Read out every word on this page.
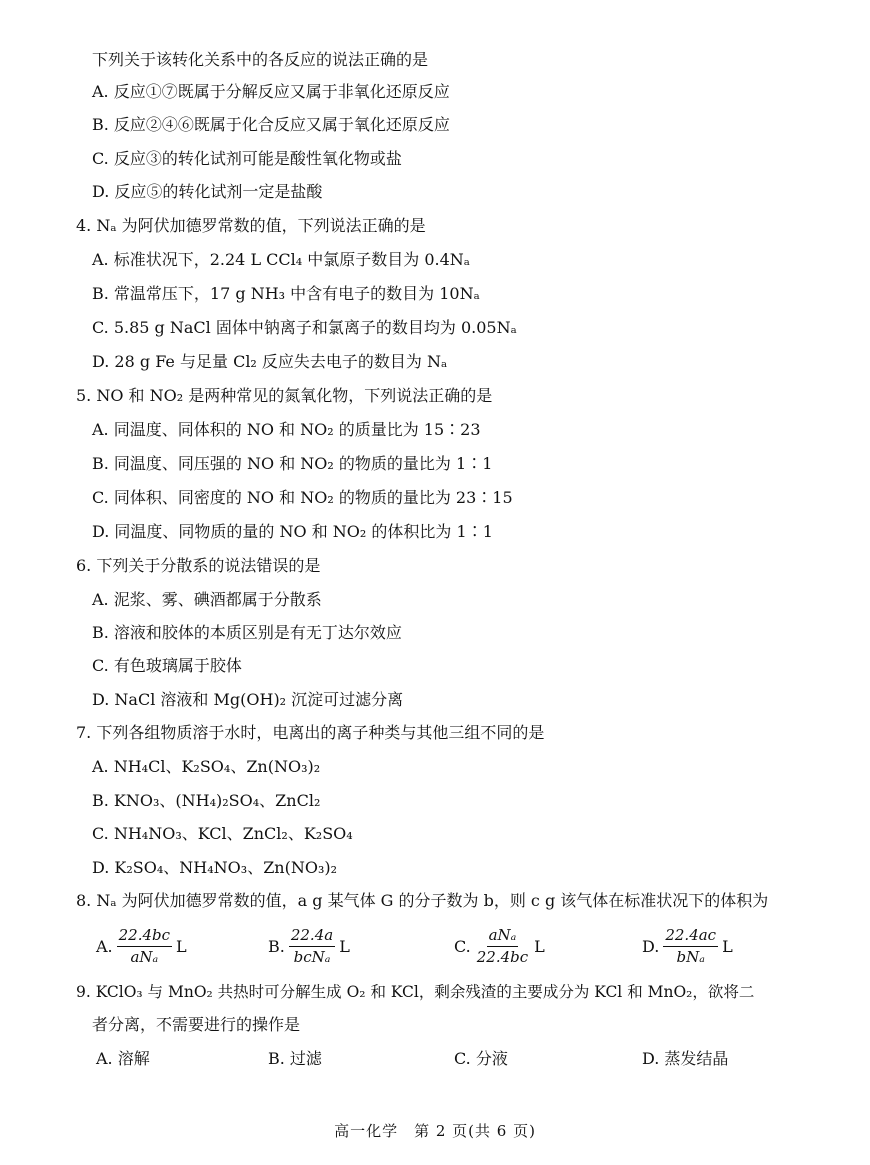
下列关于该转化关系中的各反应的说法正确的是
A. 反应①⑦既属于分解反应又属于非氧化还原反应
B. 反应②④⑥既属于化合反应又属于氧化还原反应
C. 反应③的转化试剂可能是酸性氧化物或盐
D. 反应⑤的转化试剂一定是盐酸
4. Nₐ 为阿伏加德罗常数的值，下列说法正确的是
A. 标准状况下，2.24 L CCl₄ 中氯原子数目为 0.4Nₐ
B. 常温常压下，17 g NH₃ 中含有电子的数目为 10Nₐ
C. 5.85 g NaCl 固体中钠离子和氯离子的数目均为 0.05Nₐ
D. 28 g Fe 与足量 Cl₂ 反应失去电子的数目为 Nₐ
5. NO 和 NO₂ 是两种常见的氮氧化物，下列说法正确的是
A. 同温度、同体积的 NO 和 NO₂ 的质量比为 15∶23
B. 同温度、同压强的 NO 和 NO₂ 的物质的量比为 1∶1
C. 同体积、同密度的 NO 和 NO₂ 的物质的量比为 23∶15
D. 同温度、同物质的量的 NO 和 NO₂ 的体积比为 1∶1
6. 下列关于分散系的说法错误的是
A. 泥浆、雾、碘酒都属于分散系
B. 溶液和胶体的本质区别是有无丁达尔效应
C. 有色玻璃属于胶体
D. NaCl 溶液和 Mg(OH)₂ 沉淀可过滤分离
7. 下列各组物质溶于水时，电离出的离子种类与其他三组不同的是
A. NH₄Cl、K₂SO₄、Zn(NO₃)₂
B. KNO₃、(NH₄)₂SO₄、ZnCl₂
C. NH₄NO₃、KCl、ZnCl₂、K₂SO₄
D. K₂SO₄、NH₄NO₃、Zn(NO₃)₂
8. Nₐ 为阿伏加德罗常数的值，a g 某气体 G 的分子数为 b，则 c g 该气体在标准状况下的体积为
A. $\frac{22.4bc}{\text{aNₐ}}$ L	B. $\frac{22.4a}{\text{bcNₐ}}$ L	C. $\frac{\text{aNₐ}}{22.4bc}$ L	D. $\frac{22.4ac}{\text{bNₐ}}$ L
9. KClO₃ 与 MnO₂ 共热时可分解生成 O₂ 和 KCl，剩余残渣的主要成分为 KCl 和 MnO₂，欲将二
者分离，不需要进行的操作是
A. 溶解	B. 过滤	C. 分液	D. 蒸发结晶
高一化学　第 2 页(共 6 页)
